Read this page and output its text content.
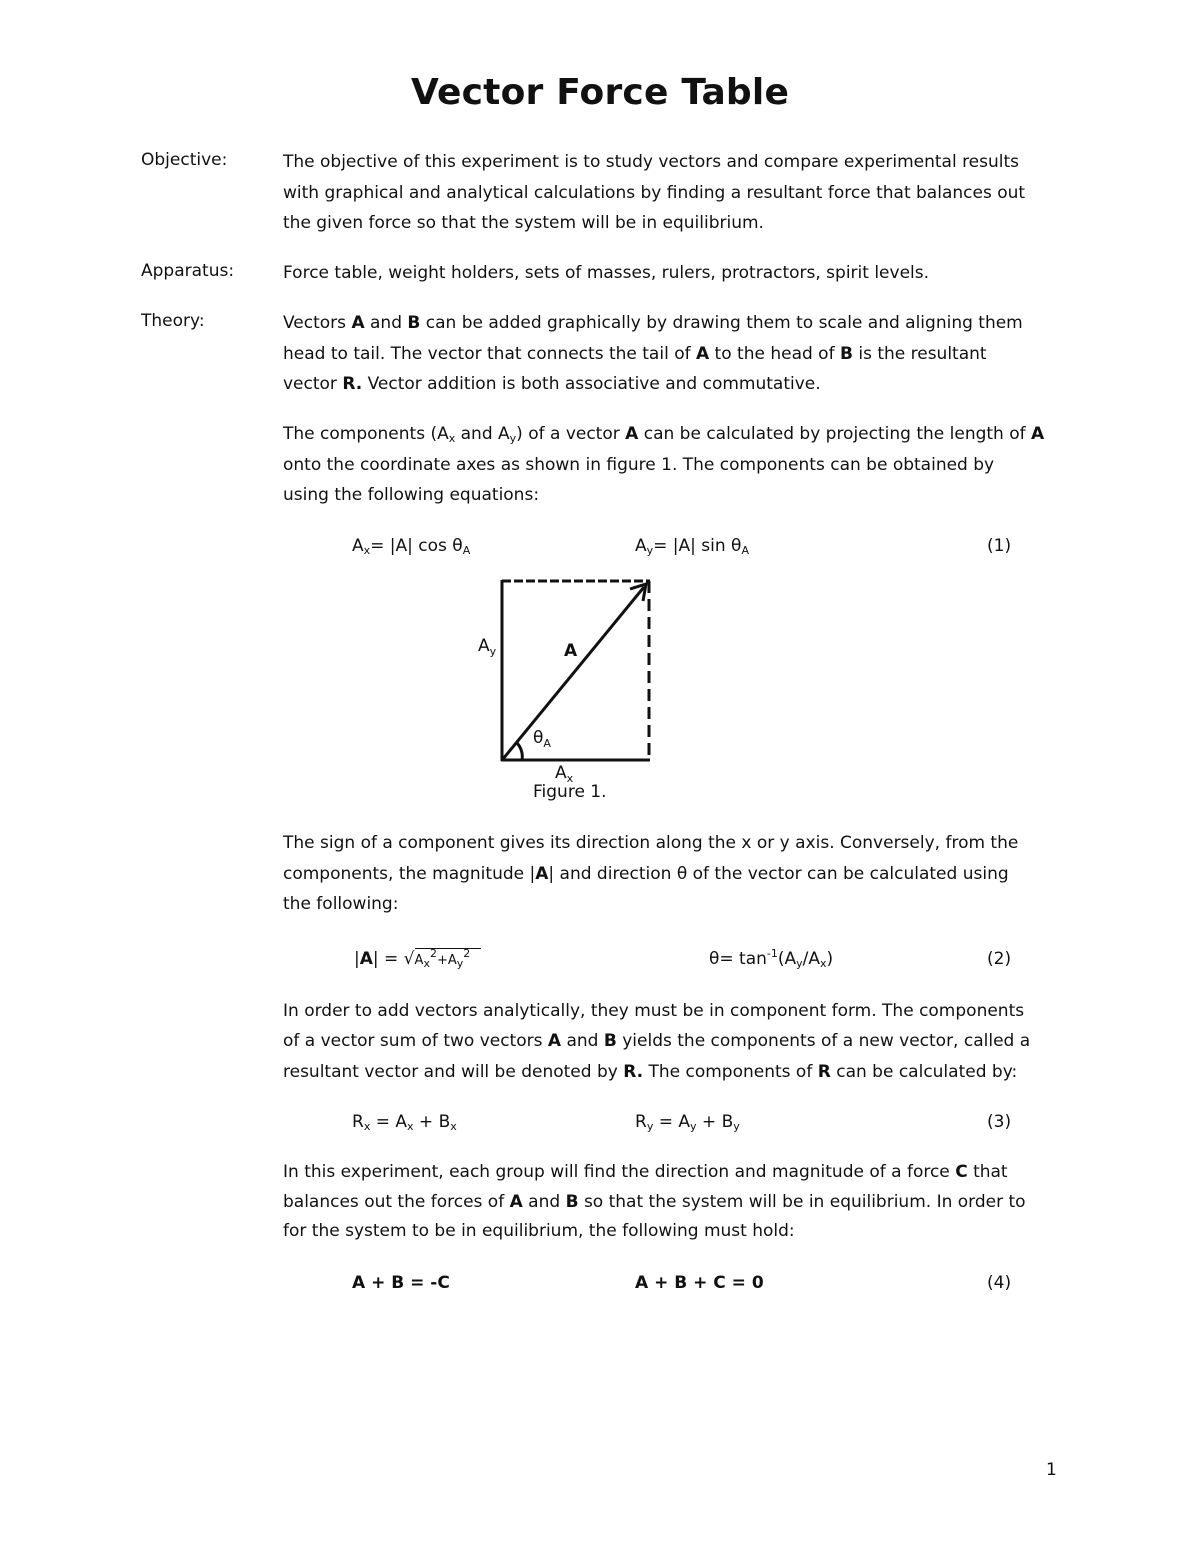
Vector Force Table
Objective:	The objective of this experiment is to study vectors and compare experimental results
with graphical and analytical calculations by finding a resultant force that balances out
the given force so that the system will be in equilibrium.
Apparatus:	Force table, weight holders, sets of masses, rulers, protractors, spirit levels.
Theory:	Vectors A and B can be added graphically by drawing them to scale and aligning them
head to tail. The vector that connects the tail of A to the head of B is the resultant
vector R. Vector addition is both associative and commutative.
The components ($A_x$ and $A_y$) of a vector A can be calculated by projecting the length of A
onto the coordinate axes as shown in figure 1. The components can be obtained by
using the following equations:
$A_x= |A|$ $\cos \theta_A$	$A_y= |A|$ $\sin \theta_A$	(1)
$A_y$	A
$\theta_A$
$A_x$
Figure 1.
The sign of a component gives its direction along the x or y axis. Conversely, from the
components, the magnitude |A| and direction θ of the vector can be calculated using
the following:
$|A| = √A_x^2+A_y^2$	$\theta= \tan^{-1}(A_y/A_x)$	(2)
In order to add vectors analytically, they must be in component form. The components
of a vector sum of two vectors A and B yields the components of a new vector, called a
resultant vector and will be denoted by R. The components of R can be calculated by:
$R_x = A_x + B_x$	$R_y = A_y + B_y$	(3)
In this experiment, each group will find the direction and magnitude of a force C that
balances out the forces of A and B so that the system will be in equilibrium. In order to
for the system to be in equilibrium, the following must hold:
A + B = -C	A + B + C = 0	(4)
1
